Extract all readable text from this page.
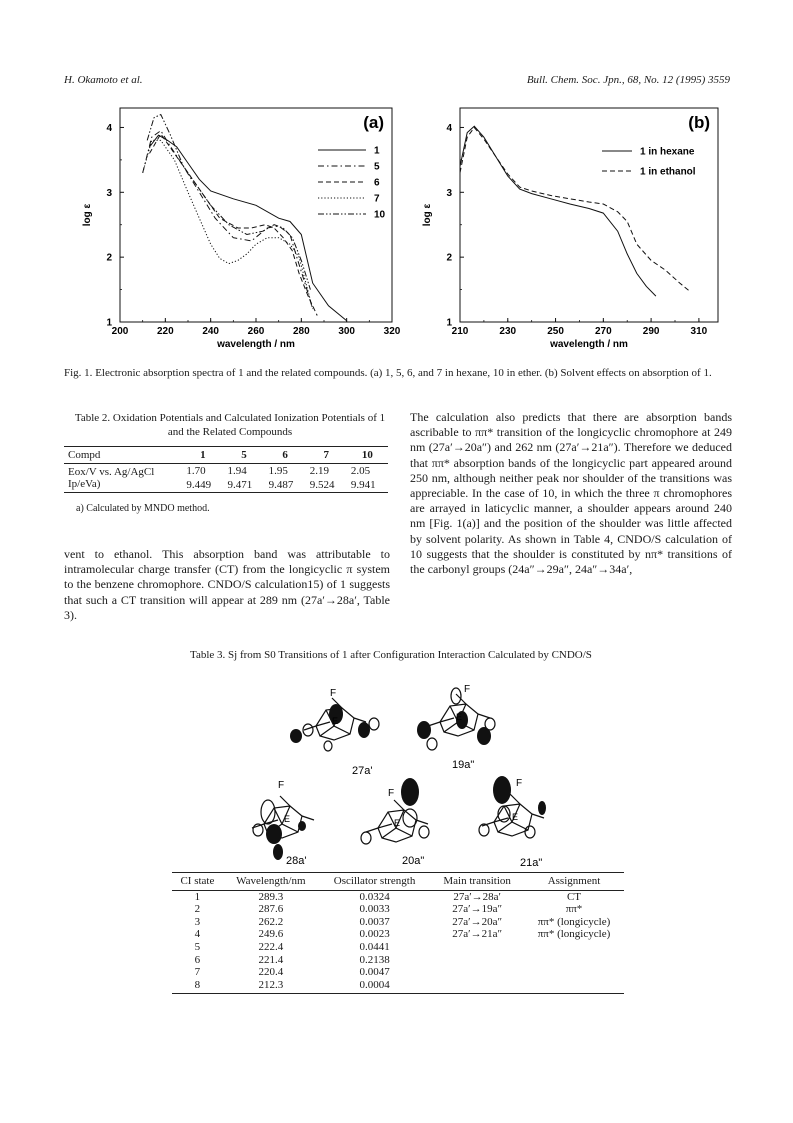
H. Okamoto et al.	Bull. Chem. Soc. Jpn., 68, No. 12 (1995) 3559
200	220	240	260	280	300	320
1
2
3
4
wavelength / nm
log ε
(a)
1
5
6
7
10
210	230	250	270	290	310
1
2
3
4
wavelength / nm
log ε
(b)
1 in hexane
1 in ethanol
Fig. 1. Electronic absorption spectra of 1 and the related compounds. (a) 1, 5, 6, and 7 in hexane, 10 in ether. (b) Solvent effects on absorption of 1.
Table 2. Oxidation Potentials and Calculated Ionization Potentials of 1 and the Related Compounds
Compd	1	5	6	7	10
Eox/V vs. Ag/AgCl	1.70	1.94	1.95	2.19	2.05
Ip/eVa)	9.449	9.471	9.487	9.524	9.941
a) Calculated by MNDO method.
vent to ethanol. This absorption band was attributable to intramolecular charge transfer (CT) from the longicyclic π system to the benzene chromophore. CNDO/S calculation15) of 1 suggests that such a CT transition will appear at 289 nm (27a′→28a′, Table 3).
The calculation also predicts that there are absorption bands ascribable to ππ* transition of the longicyclic chromophore at 249 nm (27a′→20a″) and 262 nm (27a′→21a″). Therefore we deduced that ππ* absorption bands of the longicyclic part appeared around 250 nm, although neither peak nor shoulder of the transitions was appreciable. In the case of 10, in which the three π chromophores are arrayed in laticyclic manner, a shoulder appears around 240 nm [Fig. 1(a)] and the position of the shoulder was little affected by solvent polarity. As shown in Table 4, CNDO/S calculation of 10 suggests that the shoulder is constituted by nπ* transitions of the carbonyl groups (24a″→29a″, 24a″→34a′,
Table 3. Sj from S0 Transitions of 1 after Configuration Interaction Calculated by CNDO/S
F
E
F
E
F
E
F
E
F
E
27a'	19a"
28a'	20a"	21a"
CI state	Wavelength/nm	Oscillator strength	Main transition	Assignment
1	289.3	0.0324	27a′→28a′	CT
2	287.6	0.0033	27a′→19a″	ππ*
3	262.2	0.0037	27a′→20a″	ππ* (longicycle)
4	249.6	0.0023	27a′→21a″	ππ* (longicycle)
5	222.4	0.0441		
6	221.4	0.2138		
7	220.4	0.0047		
8	212.3	0.0004		
